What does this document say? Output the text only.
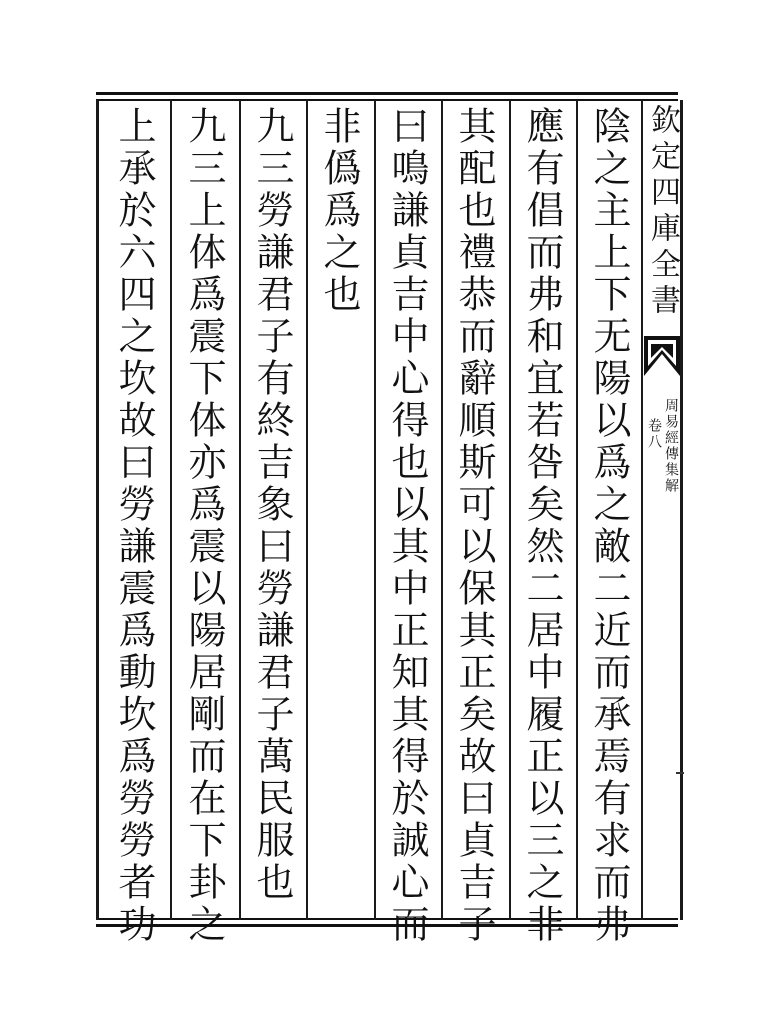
欽定四庫全書
周易經傳集解
卷八
陰之主上下无陽以爲之敵二近而承焉有求而弗
應有倡而弗和宜若咎矣然二居中履正以三之非
其配也禮恭而辭順斯可以保其正矣故曰貞吉子
曰鳴謙貞吉中心得也以其中正知其得於誠心而
非僞爲之也
九三勞謙君子有終吉象曰勞謙君子萬民服也
九三上体爲震下体亦爲震以陽居剛而在下卦之
上承於六四之坎故曰勞謙震爲動坎爲勞勞者功
